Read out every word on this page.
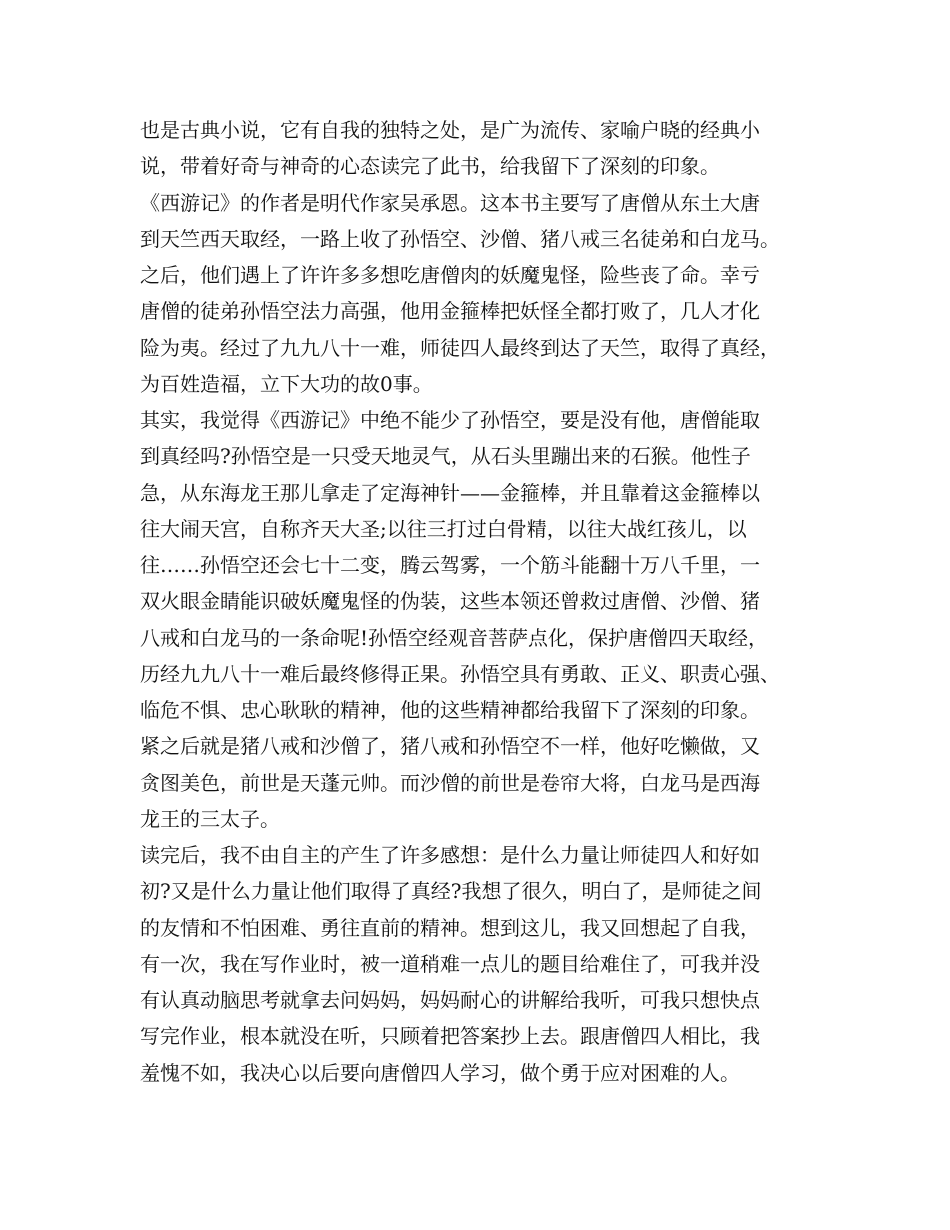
也是古典小说，它有自我的独特之处，是广为流传、家喻户晓的经典小
说，带着好奇与神奇的心态读完了此书，给我留下了深刻的印象。
《西游记》的作者是明代作家吴承恩。这本书主要写了唐僧从东土大唐
到天竺西天取经，一路上收了孙悟空、沙僧、猪八戒三名徒弟和白龙马。
之后，他们遇上了许许多多想吃唐僧肉的妖魔鬼怪，险些丧了命。幸亏
唐僧的徒弟孙悟空法力高强，他用金箍棒把妖怪全都打败了，几人才化
险为夷。经过了九九八十一难，师徒四人最终到达了天竺，取得了真经，
为百姓造福，立下大功的故0事。
其实，我觉得《西游记》中绝不能少了孙悟空，要是没有他，唐僧能取
到真经吗?孙悟空是一只受天地灵气，从石头里蹦出来的石猴。他性子
急，从东海龙王那儿拿走了定海神针——金箍棒，并且靠着这金箍棒以
往大闹天宫，自称齐天大圣;以往三打过白骨精，以往大战红孩儿，以
往……孙悟空还会七十二变，腾云驾雾，一个筋斗能翻十万八千里，一
双火眼金睛能识破妖魔鬼怪的伪装，这些本领还曾救过唐僧、沙僧、猪
八戒和白龙马的一条命呢!孙悟空经观音菩萨点化，保护唐僧四天取经，
历经九九八十一难后最终修得正果。孙悟空具有勇敢、正义、职责心强、
临危不惧、忠心耿耿的精神，他的这些精神都给我留下了深刻的印象。
紧之后就是猪八戒和沙僧了，猪八戒和孙悟空不一样，他好吃懒做，又
贪图美色，前世是天蓬元帅。而沙僧的前世是卷帘大将，白龙马是西海
龙王的三太子。
读完后，我不由自主的产生了许多感想：是什么力量让师徒四人和好如
初?又是什么力量让他们取得了真经?我想了很久，明白了，是师徒之间
的友情和不怕困难、勇往直前的精神。想到这儿，我又回想起了自我，
有一次，我在写作业时，被一道稍难一点儿的题目给难住了，可我并没
有认真动脑思考就拿去问妈妈，妈妈耐心的讲解给我听，可我只想快点
写完作业，根本就没在听，只顾着把答案抄上去。跟唐僧四人相比，我
羞愧不如，我决心以后要向唐僧四人学习，做个勇于应对困难的人。
